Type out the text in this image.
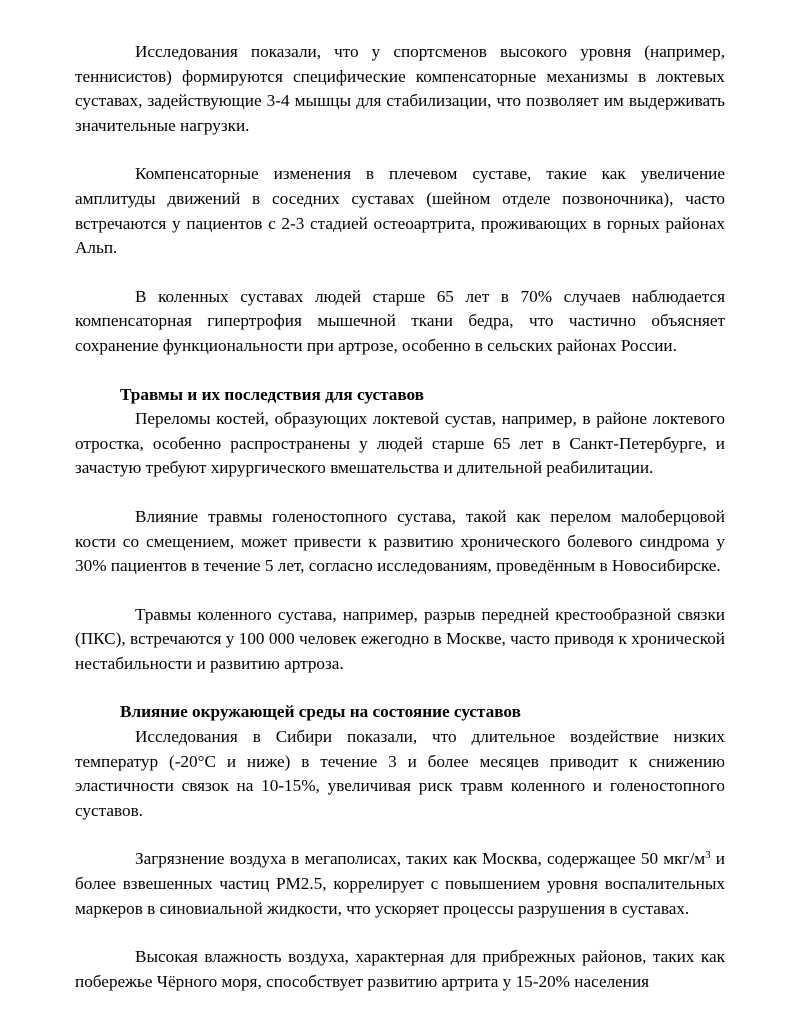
Исследования показали, что у спортсменов высокого уровня (например, теннисистов) формируются специфические компенсаторные механизмы в локтевых суставах, задействующие 3-4 мышцы для стабилизации, что позволяет им выдерживать значительные нагрузки.

Компенсаторные изменения в плечевом суставе, такие как увеличение амплитуды движений в соседних суставах (шейном отделе позвоночника), часто встречаются у пациентов с 2-3 стадией остеоартрита, проживающих в горных районах Альп.

В коленных суставах людей старше 65 лет в 70% случаев наблюдается компенсаторная гипертрофия мышечной ткани бедра, что частично объясняет сохранение функциональности при артрозе, особенно в сельских районах России.

Травмы и их последствия для суставов

Переломы костей, образующих локтевой сустав, например, в районе локтевого отростка, особенно распространены у людей старше 65 лет в Санкт-Петербурге, и зачастую требуют хирургического вмешательства и длительной реабилитации.

Влияние травмы голеностопного сустава, такой как перелом малоберцовой кости со смещением, может привести к развитию хронического болевого синдрома у 30% пациентов в течение 5 лет, согласно исследованиям, проведённым в Новосибирске.

Травмы коленного сустава, например, разрыв передней крестообразной связки (ПКС), встречаются у 100 000 человек ежегодно в Москве, часто приводя к хронической нестабильности и развитию артроза.

Влияние окружающей среды на состояние суставов

Исследования в Сибири показали, что длительное воздействие низких температур (-20°C и ниже) в течение 3 и более месяцев приводит к снижению эластичности связок на 10-15%, увеличивая риск травм коленного и голеностопного суставов.

Загрязнение воздуха в мегаполисах, таких как Москва, содержащее 50 мкг/$м^3$ и более взвешенных частиц PM2.5, коррелирует с повышением уровня воспалительных маркеров в синовиальной жидкости, что ускоряет процессы разрушения в суставах.

Высокая влажность воздуха, характерная для прибрежных районов, таких как побережье Чёрного моря, способствует развитию артрита у 15-20% населения
